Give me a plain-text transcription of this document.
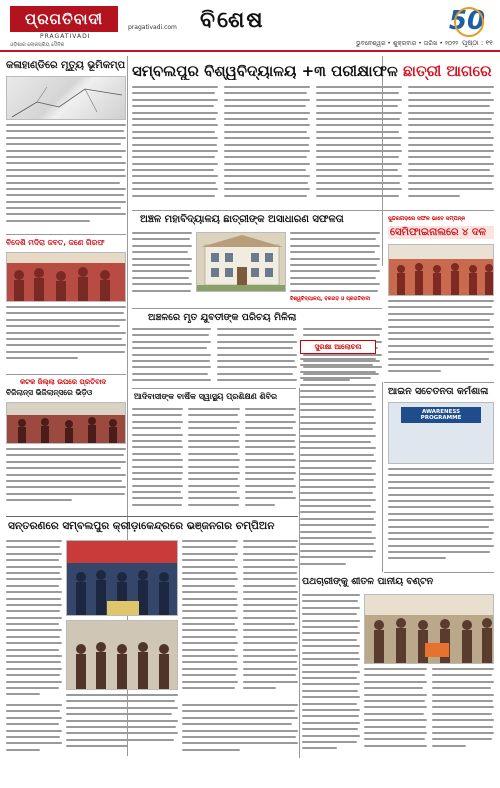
ପ୍ରଗତିବାଦୀ
PRAGATIVADI
pragativadi.com
ଓଡ଼ିଶାର ଲୋକପ୍ରିୟ ଦୈନିକ
ବିଶେଷ	50
ଭୁବନେଶ୍ୱର • ଶୁକ୍ରବାର • ତାରିଖ • ୨୦୨୨ ପୃଷ୍ଠା : ୧୧
କଳାହାଣ୍ଡିରେ ମୃତ୍ୟୁ ଭୂମିକମ୍ପ
ବିଦେଶି ମଦିରା ଜବତ, ଜଣେ ଗିରଫ
କଟକ ଜିଲ୍ଲା ଉପରେ ପ୍ରତିବାଦ
ବିଜିଲାନ୍ସ ଭିଜିଲାନ୍ସରେ ଭିଡ଼ିଓ
ସମ୍ବଲପୁର ବିଶ୍ୱବିଦ୍ୟାଳୟ +୩ ପରୀକ୍ଷାଫଳ ଛାତ୍ରୀ ଆଗରେ
ଅଞ୍ଚଳ ମହାବିଦ୍ୟାଳୟ ଛାତ୍ରୀଙ୍କ ଅସାଧାରଣ ସଫଳତା
ବିଶ୍ୱବିଦ୍ୟାଳୟ, ବରଗଡ଼ ଓ ପ୍ରଗତିବାଦୀ
ସୁନ୍ଦରଗଡ଼ରେ ସଫଳ ଭାବେ ସମ୍ପନ୍ନ
ସେମିଫାଇନାଲରେ ୪ ଦଳ
ଅଞ୍ଚଳରେ ମୃତ ଯୁବତୀଙ୍କ ପରିଚୟ ମିଳିଲା
ସୁରକ୍ଷା ଆଲୋଚନା
ଆଇନ ସଚେତନତା କର୍ମଶାଳା
AWARENESS PROGRAMME
ଆଦିବାସୀଙ୍କ ବାର୍ଷିକ ସ୍ୱାସ୍ଥ୍ୟ ପ୍ରଶିକ୍ଷଣ ଶିବିର
ସନ୍ତରଣରେ ସମ୍ବଲପୁର କ୍ରୀଡ଼ାକେନ୍ଦ୍ରରେ ଭଞ୍ଜନଗର ଚମ୍ପିଅନ
ପଥଚାରୀଙ୍କୁ ଶୀତଳ ପାନୀୟ ବଣ୍ଟନ
